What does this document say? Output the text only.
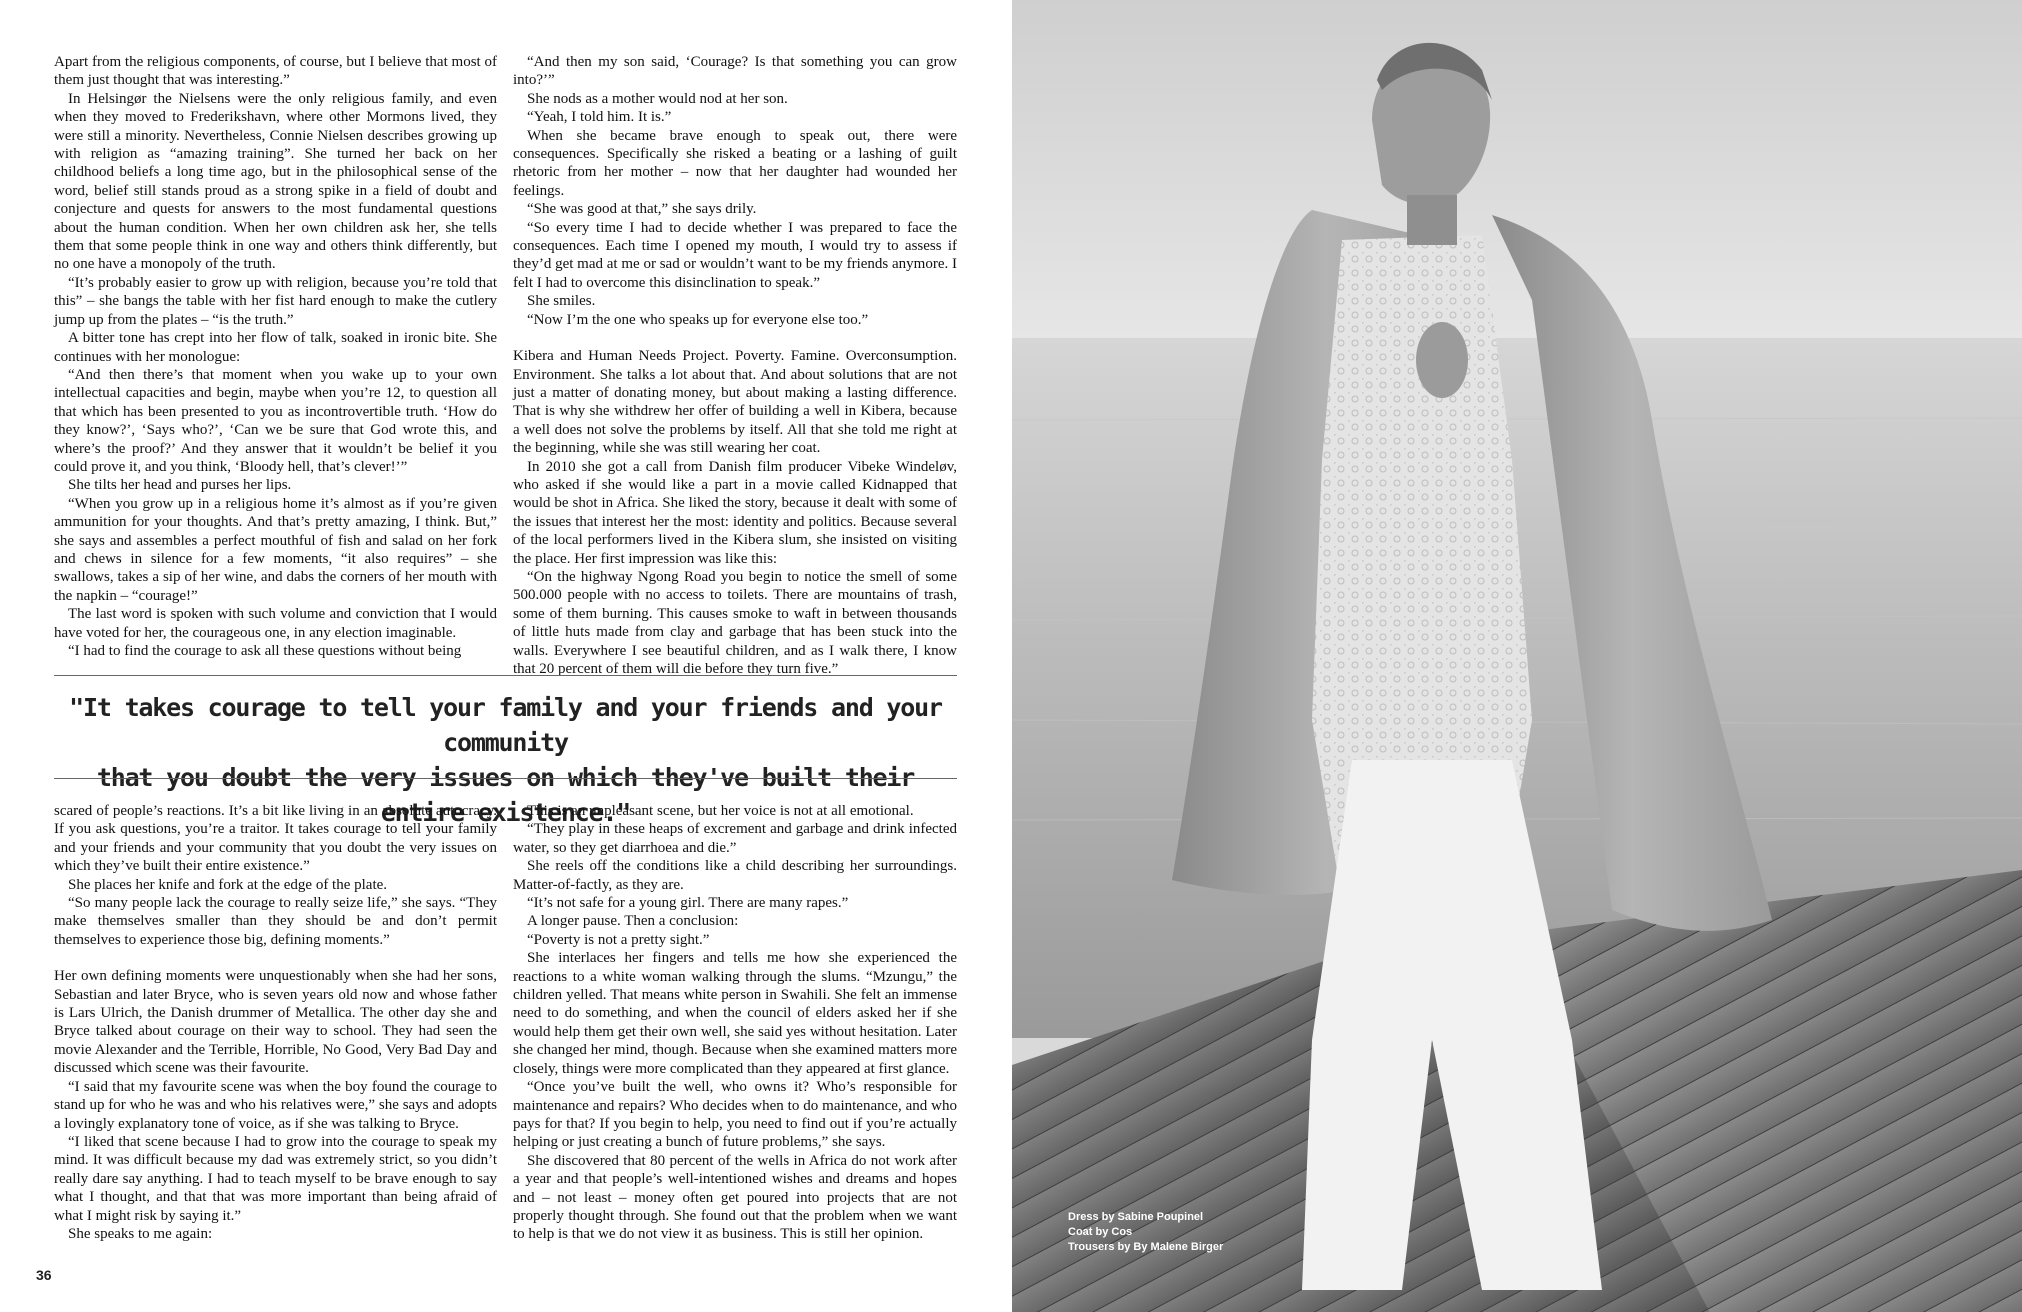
Apart from the religious components, of course, but I believe that most of them just thought that was interesting.”

In Helsingør the Nielsens were the only religious family, and even when they moved to Frederikshavn, where other Mormons lived, they were still a minority. Nevertheless, Connie Nielsen describes growing up with religion as “amazing training”. She turned her back on her childhood beliefs a long time ago, but in the philosophical sense of the word, belief still stands proud as a strong spike in a field of doubt and conjecture and quests for answers to the most fundamental questions about the human condition. When her own children ask her, she tells them that some people think in one way and others think differently, but no one have a monopoly of the truth.

“It’s probably easier to grow up with religion, because you’re told that this” – she bangs the table with her fist hard enough to make the cutlery jump up from the plates – “is the truth.”

A bitter tone has crept into her flow of talk, soaked in ironic bite. She continues with her monologue:

“And then there’s that moment when you wake up to your own intellectual capacities and begin, maybe when you’re 12, to question all that which has been presented to you as incontrovertible truth. ‘How do they know?’, ‘Says who?’, ‘Can we be sure that God wrote this, and where’s the proof?’ And they answer that it wouldn’t be belief it you could prove it, and you think, ‘Bloody hell, that’s clever!’”

She tilts her head and purses her lips.

“When you grow up in a religious home it’s almost as if you’re given ammunition for your thoughts. And that’s pretty amazing, I think. But,” she says and assembles a perfect mouthful of fish and salad on her fork and chews in silence for a few moments, “it also requires” – she swallows, takes a sip of her wine, and dabs the corners of her mouth with the napkin – “courage!”

The last word is spoken with such volume and conviction that I would have voted for her, the courageous one, in any election imaginable.

“I had to find the courage to ask all these questions without being

“And then my son said, ‘Courage? Is that something you can grow into?’”

She nods as a mother would nod at her son.

“Yeah, I told him. It is.”

When she became brave enough to speak out, there were consequences. Specifically she risked a beating or a lashing of guilt rhetoric from her mother – now that her daughter had wounded her feelings.

“She was good at that,” she says drily.

“So every time I had to decide whether I was prepared to face the consequences. Each time I opened my mouth, I would try to assess if they’d get mad at me or sad or wouldn’t want to be my friends anymore. I felt I had to overcome this disinclination to speak.”

She smiles.

“Now I’m the one who speaks up for everyone else too.”

Kibera and Human Needs Project. Poverty. Famine. Overconsumption. Environment. She talks a lot about that. And about solutions that are not just a matter of donating money, but about making a lasting difference. That is why she withdrew her offer of building a well in Kibera, because a well does not solve the problems by itself. All that she told me right at the beginning, while she was still wearing her coat.

In 2010 she got a call from Danish film producer Vibeke Windeløv, who asked if she would like a part in a movie called Kidnapped that would be shot in Africa. She liked the story, because it dealt with some of the issues that interest her the most: identity and politics. Because several of the local performers lived in the Kibera slum, she insisted on visiting the place. Her first impression was like this:

“On the highway Ngong Road you begin to notice the smell of some 500.000 people with no access to toilets. There are mountains of trash, some of them burning. This causes smoke to waft in between thousands of little huts made from clay and garbage that has been stuck into the walls. Everywhere I see beautiful children, and as I walk there, I know that 20 percent of them will die before they turn five.”

"It takes courage to tell your family and your friends and your community
that you doubt the very issues on which they've built their entire existence."

scared of people’s reactions. It’s a bit like living in an absolute autocracy. If you ask questions, you’re a traitor. It takes courage to tell your family and your friends and your community that you doubt the very issues on which they’ve built their entire existence.”

She places her knife and fork at the edge of the plate.

“So many people lack the courage to really seize life,” she says. “They make themselves smaller than they should be and don’t permit themselves to experience those big, defining moments.”

Her own defining moments were unquestionably when she had her sons, Sebastian and later Bryce, who is seven years old now and whose father is Lars Ulrich, the Danish drummer of Metallica. The other day she and Bryce talked about courage on their way to school. They had seen the movie Alexander and the Terrible, Horrible, No Good, Very Bad Day and discussed which scene was their favourite.

“I said that my favourite scene was when the boy found the courage to stand up for who he was and who his relatives were,” she says and adopts a lovingly explanatory tone of voice, as if she was talking to Bryce.

“I liked that scene because I had to grow into the courage to speak my mind. It was difficult because my dad was extremely strict, so you didn’t really dare say anything. I had to teach myself to be brave enough to say what I thought, and that that was more important than being afraid of what I might risk by saying it.”

She speaks to me again:

This is an unpleasant scene, but her voice is not at all emotional.

“They play in these heaps of excrement and garbage and drink infected water, so they get diarrhoea and die.”

She reels off the conditions like a child describing her surroundings. Matter-of-factly, as they are.

“It’s not safe for a young girl. There are many rapes.”

A longer pause. Then a conclusion:

“Poverty is not a pretty sight.”

She interlaces her fingers and tells me how she experienced the reactions to a white woman walking through the slums. “Mzungu,” the children yelled. That means white person in Swahili. She felt an immense need to do something, and when the council of elders asked her if she would help them get their own well, she said yes without hesitation. Later she changed her mind, though. Because when she examined matters more closely, things were more complicated than they appeared at first glance.

“Once you’ve built the well, who owns it? Who’s responsible for maintenance and repairs? Who decides when to do maintenance, and who pays for that? If you begin to help, you need to find out if you’re actually helping or just creating a bunch of future problems,” she says.

She discovered that 80 percent of the wells in Africa do not work after a year and that people’s well-intentioned wishes and dreams and hopes and – not least – money often get poured into projects that are not properly thought through. She found out that the problem when we want to help is that we do not view it as business. This is still her opinion.

36
Dress by Sabine Poupinel
Coat by Cos
Trousers by By Malene Birger
